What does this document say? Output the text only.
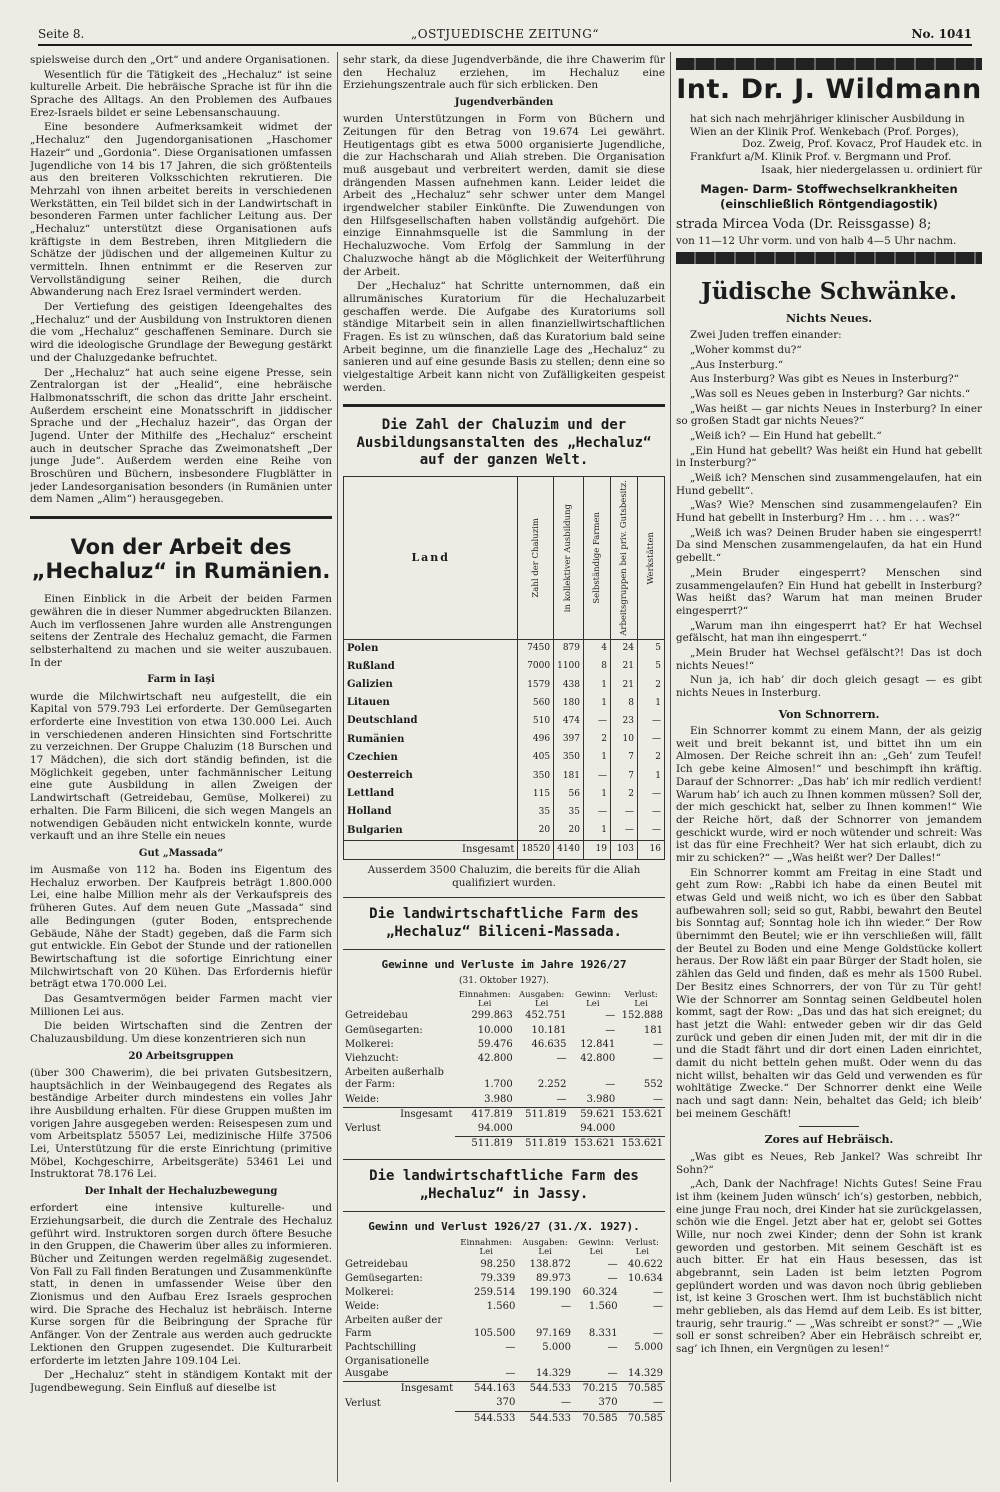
Seite 8.	„OSTJUEDISCHE ZEITUNG“	No. 1041

spielsweise durch den „Ort“ und andere Organisationen.

Wesentlich für die Tätigkeit des „Hechaluz“ ist seine kulturelle Arbeit. Die hebräische Sprache ist für ihn die Sprache des Alltags. An den Problemen des Aufbaues Erez-Israels bildet er seine Lebensanschauung.

Eine besondere Aufmerksamkeit widmet der „Hechaluz“ den Jugendorganisationen „Haschomer Hazeir“ und „Gordonia“. Diese Organisationen umfassen Jugendliche von 14 bis 17 Jahren, die sich größtenteils aus den breiteren Volksschichten rekrutieren. Die Mehrzahl von ihnen arbeitet bereits in verschiedenen Werkstätten, ein Teil bildet sich in der Landwirtschaft in besonderen Farmen unter fachlicher Leitung aus. Der „Hechaluz“ unterstützt diese Organisationen aufs kräftigste in dem Bestreben, ihren Mitgliedern die Schätze der jüdischen und der allgemeinen Kultur zu vermitteln. Ihnen entnimmt er die Reserven zur Vervollständigung seiner Reihen, die durch Abwanderung nach Erez Israel vermindert werden.

Der Vertiefung des geistigen Ideengehaltes des „Hechaluz“ und der Ausbildung von Instruktoren dienen die vom „Hechaluz“ geschaffenen Seminare. Durch sie wird die ideologische Grundlage der Bewegung gestärkt und der Chaluzgedanke befruchtet.

Der „Hechaluz“ hat auch seine eigene Presse, sein Zentralorgan ist der „Healid“, eine hebräische Halbmonatsschrift, die schon das dritte Jahr erscheint. Außerdem erscheint eine Monatsschrift in jiddischer Sprache und der „Hechaluz hazeir“, das Organ der Jugend. Unter der Mithilfe des „Hechaluz“ erscheint auch in deutscher Sprache das Zweimonatsheft „Der junge Jude“. Außerdem werden eine Reihe von Broschüren und Büchern, insbesondere Flugblätter in jeder Landesorganisation besonders (in Rumänien unter dem Namen „Alim“) herausgegeben.

Von der Arbeit des „Hechaluz“ in Rumänien.

Einen Einblick in die Arbeit der beiden Farmen gewähren die in dieser Nummer abgedruckten Bilanzen. Auch im verflossenen Jahre wurden alle Anstrengungen seitens der Zentrale des Hechaluz gemacht, die Farmen selbsterhaltend zu machen und sie weiter auszubauen. In der

Farm in Iaşi

wurde die Milchwirtschaft neu aufgestellt, die ein Kapital von 579.793 Lei erforderte. Der Gemüsegarten erforderte eine Investition von etwa 130.000 Lei. Auch in verschiedenen anderen Hinsichten sind Fortschritte zu verzeichnen. Der Gruppe Chaluzim (18 Burschen und 17 Mädchen), die sich dort ständig befinden, ist die Möglichkeit gegeben, unter fachmännischer Leitung eine gute Ausbildung in allen Zweigen der Landwirtschaft (Getreidebau, Gemüse, Molkerei) zu erhalten. Die Farm Biliceni, die sich wegen Mangels an notwendigen Gebäuden nicht entwickeln konnte, wurde verkauft und an ihre Stelle ein neues

Gut „Massada“

im Ausmaße von 112 ha. Boden ins Eigentum des Hechaluz erworben. Der Kaufpreis beträgt 1.800.000 Lei, eine halbe Million mehr als der Verkaufspreis des früheren Gutes. Auf dem neuen Gute „Massada“ sind alle Bedingungen (guter Boden, entsprechende Gebäude, Nähe der Stadt) gegeben, daß die Farm sich gut entwickle. Ein Gebot der Stunde und der rationellen Bewirtschaftung ist die sofortige Einrichtung einer Milchwirtschaft von 20 Kühen. Das Erfordernis hiefür beträgt etwa 170.000 Lei.

Das Gesamtvermögen beider Farmen macht vier Millionen Lei aus.

Die beiden Wirtschaften sind die Zentren der Chaluzausbildung. Um diese konzentrieren sich nun

20 Arbeitsgruppen

(über 300 Chawerim), die bei privaten Gutsbesitzern, hauptsächlich in der Weinbaugegend des Regates als beständige Arbeiter durch mindestens ein volles Jahr ihre Ausbildung erhalten. Für diese Gruppen mußten im vorigen Jahre ausgegeben werden: Reisespesen zum und vom Arbeitsplatz 55057 Lei, medizinische Hilfe 37506 Lei, Unterstützung für die erste Einrichtung (primitive Möbel, Kochgeschirre, Arbeitsgeräte) 53461 Lei und Instruktorat 78.176 Lei.

Der Inhalt der Hechaluzbewegung

erfordert eine intensive kulturelle- und Erziehungsarbeit, die durch die Zentrale des Hechaluz geführt wird. Instruktoren sorgen durch öftere Besuche in den Gruppen, die Chawerim über alles zu informieren. Bücher und Zeitungen werden regelmäßig zugesendet. Von Fall zu Fall finden Beratungen und Zusammenkünfte statt, in denen in umfassender Weise über den Zionismus und den Aufbau Erez Israels gesprochen wird. Die Sprache des Hechaluz ist hebräisch. Interne Kurse sorgen für die Beibringung der Sprache für Anfänger. Von der Zentrale aus werden auch gedruckte Lektionen den Gruppen zugesendet. Die Kulturarbeit erforderte im letzten Jahre 109.104 Lei.

Der „Hechaluz“ steht in ständigem Kontakt mit der Jugendbewegung. Sein Einfluß auf dieselbe ist

sehr stark, da diese Jugendverbände, die ihre Chawerim für den Hechaluz erziehen, im Hechaluz eine Erziehungszentrale auch für sich erblicken. Den

Jugendverbänden

wurden Unterstützungen in Form von Büchern und Zeitungen für den Betrag von 19.674 Lei gewährt. Heutigentags gibt es etwa 5000 organisierte Jugendliche, die zur Hachscharah und Aliah streben. Die Organisation muß ausgebaut und verbreitert werden, damit sie diese drängenden Massen aufnehmen kann. Leider leidet die Arbeit des „Hechaluz“ sehr schwer unter dem Mangel irgendwelcher stabiler Einkünfte. Die Zuwendungen von den Hilfsgesellschaften haben vollständig aufgehört. Die einzige Einnahmsquelle ist die Sammlung in der Hechaluzwoche. Vom Erfolg der Sammlung in der Chaluzwoche hängt ab die Möglichkeit der Weiterführung der Arbeit.

Der „Hechaluz“ hat Schritte unternommen, daß ein allrumänisches Kuratorium für die Hechaluzarbeit geschaffen werde. Die Aufgabe des Kuratoriums soll ständige Mitarbeit sein in allen finanziellwirtschaftlichen Fragen. Es ist zu wünschen, daß das Kuratorium bald seine Arbeit beginne, um die finanzielle Lage des „Hechaluz“ zu sanieren und auf eine gesunde Basis zu stellen; denn eine so vielgestaltige Arbeit kann nicht von Zufälligkeiten gespeist werden.

Die Zahl der Chaluzim und der Ausbildungsanstalten des „Hechaluz“ auf der ganzen Welt.
Land	Zahl der Chaluzim	in kollektiver Ausbildung	Selbständige Farmen	Arbeitsgruppen bei priv. Gutsbesitz.	Werkstätten

Polen	7450	879	4	24	5
Rußland	7000	1100	8	21	5
Galizien	1579	438	1	21	2
Litauen	560	180	1	8	1
Deutschland	510	474	—	23	—
Rumänien	496	397	2	10	—
Czechien	405	350	1	7	2
Oesterreich	350	181	—	7	1
Lettland	115	56	1	2	—
Holland	35	35	—	—	—
Bulgarien	20	20	1	—	—
Insgesamt	18520	4140	19	103	16

Ausserdem 3500 Chaluzim, die bereits für die Aliah qualifiziert wurden.

Die landwirtschaftliche Farm des „Hechaluz“ Biliceni-Massada.
Gewinne und Verluste im Jahre 1926/27
(31. Oktober 1927).
	Einnahmen: Lei	Ausgaben: Lei	Gewinn: Lei	Verlust: Lei
Getreidebau	299.863	452.751	—	152.888
Gemüsegarten:	10.000	10.181	—	181
Molkerei:	59.476	46.635	12.841	—
Viehzucht:	42.800	—	42.800	—
Arbeiten außerhalb der Farm:	1.700	2.252	—	552
Weide:	3.980	—	3.980	—
Insgesamt	417.819	511.819	59.621	153.621
Verlust	94.000		94.000	
	511.819	511.819	153.621	153.621
Die landwirtschaftliche Farm des „Hechaluz“ in Jassy.
Gewinn und Verlust 1926/27 (31./X. 1927).
	Einnahmen: Lei	Ausgaben: Lei	Gewinn: Lei	Verlust: Lei
Getreidebau	98.250	138.872	—	40.622
Gemüsegarten:	79.339	89.973	—	10.634
Molkerei:	259.514	199.190	60.324	—
Weide:	1.560	—	1.560	—
Arbeiten außer der Farm	105.500	97.169	8.331	—
Pachtschilling	—	5.000	—	5.000
Organisationelle Ausgabe	—	14.329	—	14.329
Insgesamt	544.163	544.533	70.215	70.585
Verlust	370	—	370	—
	544.533	544.533	70.585	70.585
Int. Dr. J. Wildmann

hat sich nach mehrjähriger klinischer Ausbildung in

Wien an der Klinik Prof. Wenkebach (Prof. Porges),

Doz. Zweig, Prof. Kovacz, Prof Haudek etc. in

Frankfurt a/M. Klinik Prof. v. Bergmann und Prof.

Isaak, hier niedergelassen u. ordiniert für

Magen- Darm- Stoffwechselkrankheiten
(einschließlich Röntgendiagostik)
strada Mircea Voda (Dr. Reissgasse) 8;
von 11—12 Uhr vorm. und von halb 4—5 Uhr nachm.
Jüdische Schwänke.
Nichts Neues.

Zwei Juden treffen einander:

„Woher kommst du?“

„Aus Insterburg.“

Aus Insterburg? Was gibt es Neues in Insterburg?“

„Was soll es Neues geben in Insterburg? Gar nichts.“

„Was heißt — gar nichts Neues in Insterburg? In einer so großen Stadt gar nichts Neues?“

„Weiß ich? — Ein Hund hat gebellt.“

„Ein Hund hat gebellt? Was heißt ein Hund hat gebellt in Insterburg?“

„Weiß ich? Menschen sind zusammengelaufen, hat ein Hund gebellt“.

„Was? Wie? Menschen sind zusammengelaufen? Ein Hund hat gebellt in Insterburg? Hm . . . hm . . . was?“

„Weiß ich was? Deinen Bruder haben sie eingesperrt! Da sind Menschen zusammengelaufen, da hat ein Hund gebellt.“

„Mein Bruder eingesperrt? Menschen sind zusammengelaufen? Ein Hund hat gebellt in Insterburg? Was heißt das? Warum hat man meinen Bruder eingesperrt?“

„Warum man ihn eingesperrt hat? Er hat Wechsel gefälscht, hat man ihn eingesperrt.“

„Mein Bruder hat Wechsel gefälscht?! Das ist doch nichts Neues!“

Nun ja, ich hab’ dir doch gleich gesagt — es gibt nichts Neues in Insterburg.

Von Schnorrern.

Ein Schnorrer kommt zu einem Mann, der als geizig weit und breit bekannt ist, und bittet ihn um ein Almosen. Der Reiche schreit ihn an: „Geh’ zum Teufel! Ich gebe keine Almosen!“ und beschimpft ihn kräftig. Darauf der Schnorrer: „Das hab’ ich mir redlich verdient! Warum hab’ ich auch zu Ihnen kommen müssen? Soll der, der mich geschickt hat, selber zu Ihnen kommen!“ Wie der Reiche hört, daß der Schnorrer von jemandem geschickt wurde, wird er noch wütender und schreit: Was ist das für eine Frechheit? Wer hat sich erlaubt, dich zu mir zu schicken?“ — „Was heißt wer? Der Dalles!“

Ein Schnorrer kommt am Freitag in eine Stadt und geht zum Row: „Rabbi ich habe da einen Beutel mit etwas Geld und weiß nicht, wo ich es über den Sabbat aufbewahren soll; seid so gut, Rabbi, bewahrt den Beutel bis Sonntag auf; Sonntag hole ich ihn wieder.“ Der Row übernimmt den Beutel; wie er ihn verschließen will, fällt der Beutel zu Boden und eine Menge Goldstücke kollert heraus. Der Row läßt ein paar Bürger der Stadt holen, sie zählen das Geld und finden, daß es mehr als 1500 Rubel. Der Besitz eines Schnorrers, der von Tür zu Tür geht! Wie der Schnorrer am Sonntag seinen Geldbeutel holen kommt, sagt der Row: „Das und das hat sich ereignet; du hast jetzt die Wahl: entweder geben wir dir das Geld zurück und geben dir einen Juden mit, der mit dir in die und die Stadt fährt und dir dort einen Laden einrichtet, damit du nicht betteln gehen mußt. Oder wenn du das nicht willst, behalten wir das Geld und verwenden es für wohltätige Zwecke.“ Der Schnorrer denkt eine Weile nach und sagt dann: Nein, behaltet das Geld; ich bleib’ bei meinem Geschäft!

Zores auf Hebräisch.

„Was gibt es Neues, Reb Jankel? Was schreibt Ihr Sohn?“

„Ach, Dank der Nachfrage! Nichts Gutes! Seine Frau ist ihm (keinem Juden wünsch’ ich’s) gestorben, nebbich, eine junge Frau noch, drei Kinder hat sie zurückgelassen, schön wie die Engel. Jetzt aber hat er, gelobt sei Gottes Wille, nur noch zwei Kinder; denn der Sohn ist krank geworden und gestorben. Mit seinem Geschäft ist es auch bitter. Er hat ein Haus besessen, das ist abgebrannt, sein Laden ist beim letzten Pogrom geplündert worden und was davon noch übrig geblieben ist, ist keine 3 Groschen wert. Ihm ist buchstäblich nicht mehr geblieben, als das Hemd auf dem Leib. Es ist bitter, traurig, sehr traurig.“ — „Was schreibt er sonst?“ — „Wie soll er sonst schreiben? Aber ein Hebräisch schreibt er, sag’ ich Ihnen, ein Vergnügen zu lesen!“
